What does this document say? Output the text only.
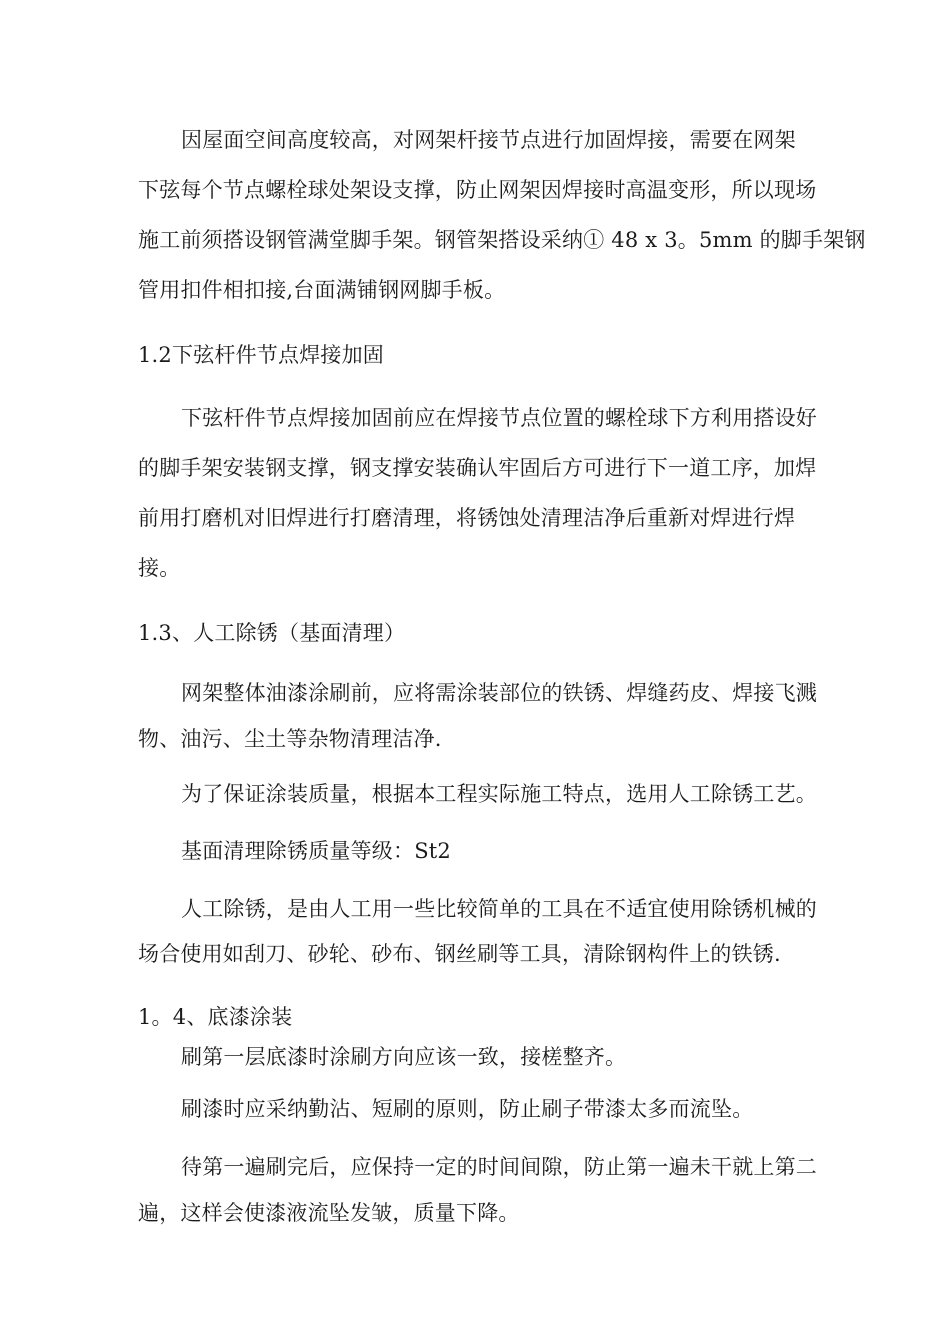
因屋面空间高度较高，对网架杆接节点进行加固焊接，需要在网架
下弦每个节点螺栓球处架设支撑，防止网架因焊接时高温变形，所以现场
施工前须搭设钢管满堂脚手架。钢管架搭设采纳① 48 x 3。5mm 的脚手架钢
管用扣件相扣接,台面满铺钢网脚手板。
1.2下弦杆件节点焊接加固
下弦杆件节点焊接加固前应在焊接节点位置的螺栓球下方利用搭设好
的脚手架安装钢支撑，钢支撑安装确认牢固后方可进行下一道工序，加焊
前用打磨机对旧焊进行打磨清理，将锈蚀处清理洁净后重新对焊进行焊
接。
1.3、人工除锈（基面清理）
网架整体油漆涂刷前，应将需涂装部位的铁锈、焊缝药皮、焊接飞溅
物、油污、尘土等杂物清理洁净.
为了保证涂装质量，根据本工程实际施工特点，选用人工除锈工艺。
基面清理除锈质量等级：St2
人工除锈，是由人工用一些比较简单的工具在不适宜使用除锈机械的
场合使用如刮刀、砂轮、砂布、钢丝刷等工具，清除钢构件上的铁锈.
1。4、底漆涂装
刷第一层底漆时涂刷方向应该一致，接槎整齐。
刷漆时应采纳勤沾、短刷的原则，防止刷子带漆太多而流坠。
待第一遍刷完后，应保持一定的时间间隙，防止第一遍未干就上第二
遍，这样会使漆液流坠发皱，质量下降。
